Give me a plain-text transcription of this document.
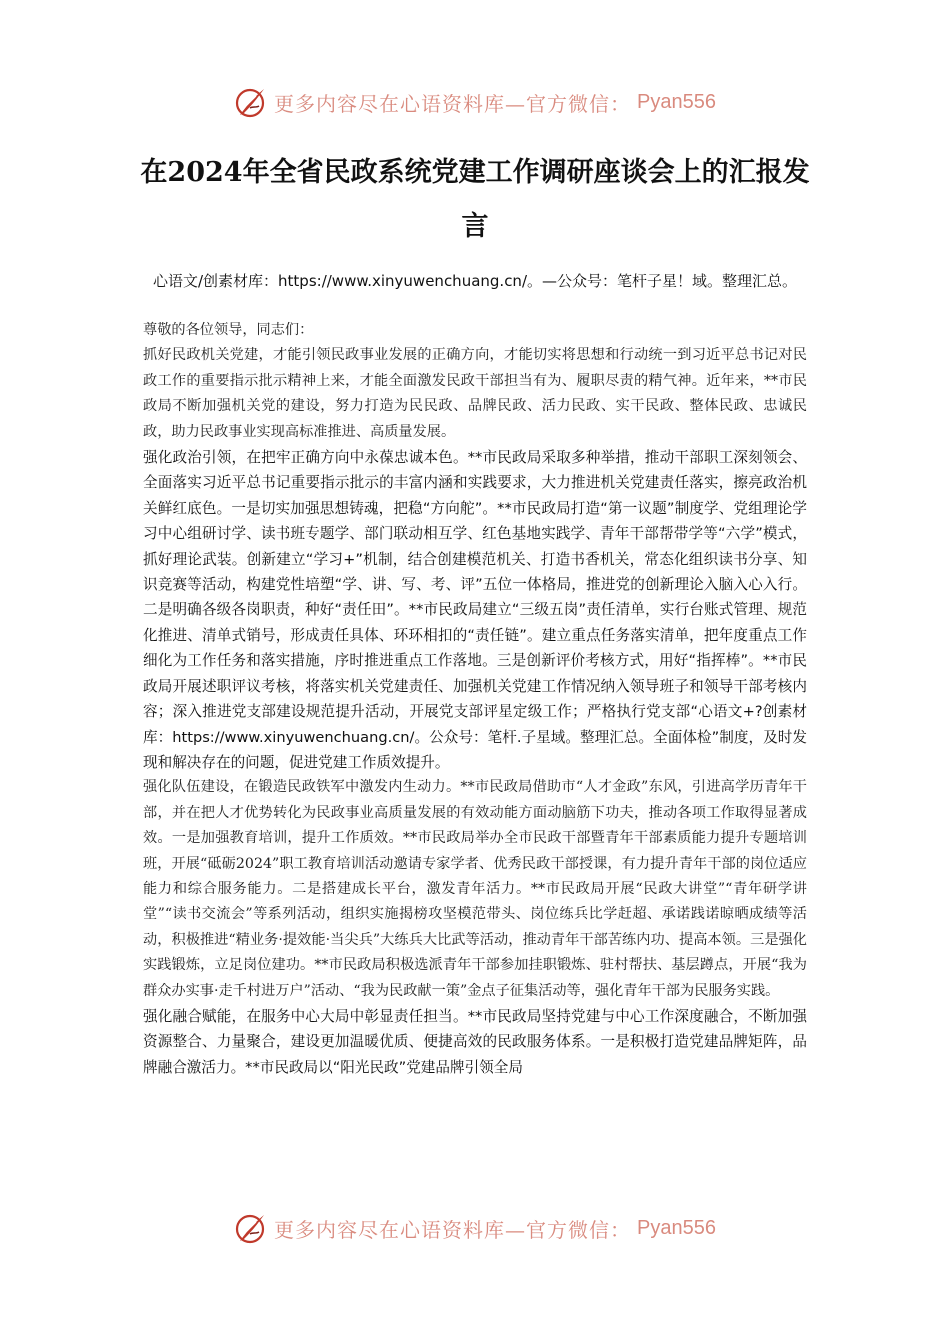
更多内容尽在心语资料库—官方微信： Pyan556
在2024年全省民政系统党建工作调研座谈会上的汇报发言

心语文/创素材库：https://www.xinyuwenchuang.cn/。—公众号：笔杆子星！域。整理汇总。

尊敬的各位领导，同志们：

抓好民政机关党建，才能引领民政事业发展的正确方向，才能切实将思想和行动统一到习近平总书记对民政工作的重要指示批示精神上来，才能全面激发民政干部担当有为、履职尽责的精气神。近年来，**市民政局不断加强机关党的建设，努力打造为民民政、品牌民政、活力民政、实干民政、整体民政、忠诚民政，助力民政事业实现高标准推进、高质量发展。

强化政治引领，在把牢正确方向中永葆忠诚本色。**市民政局采取多种举措，推动干部职工深刻领会、全面落实习近平总书记重要指示批示的丰富内涵和实践要求，大力推进机关党建责任落实，擦亮政治机关鲜红底色。一是切实加强思想铸魂，把稳“方向舵”。**市民政局打造“第一议题”制度学、党组理论学习中心组研讨学、读书班专题学、部门联动相互学、红色基地实践学、青年干部帮带学等“六学”模式，抓好理论武装。创新建立“学习+”机制，结合创建模范机关、打造书香机关，常态化组织读书分享、知识竞赛等活动，构建党性培塑“学、讲、写、考、评”五位一体格局，推进党的创新理论入脑入心入行。二是明确各级各岗职责，种好“责任田”。**市民政局建立“三级五岗”责任清单，实行台账式管理、规范化推进、清单式销号，形成责任具体、环环相扣的“责任链”。建立重点任务落实清单，把年度重点工作细化为工作任务和落实措施，序时推进重点工作落地。三是创新评价考核方式，用好“指挥棒”。**市民政局开展述职评议考核，将落实机关党建责任、加强机关党建工作情况纳入领导班子和领导干部考核内容；深入推进党支部建设规范提升活动，开展党支部评星定级工作；严格执行党支部“心语文+?创素材库：https://www.xinyuwenchuang.cn/。公众号：笔杆.子星域。整理汇总。全面体检”制度，及时发现和解决存在的问题，促进党建工作质效提升。

强化队伍建设，在锻造民政铁军中激发内生动力。**市民政局借助市“人才金政”东风，引进高学历青年干部，并在把人才优势转化为民政事业高质量发展的有效动能方面动脑筋下功夫，推动各项工作取得显著成效。一是加强教育培训，提升工作质效。**市民政局举办全市民政干部暨青年干部素质能力提升专题培训班，开展“砥砺2024”职工教育培训活动邀请专家学者、优秀民政干部授课，有力提升青年干部的岗位适应能力和综合服务能力。二是搭建成长平台，激发青年活力。**市民政局开展“民政大讲堂”“青年研学讲堂”“读书交流会”等系列活动，组织实施揭榜攻坚模范带头、岗位练兵比学赶超、承诺践诺晾晒成绩等活动，积极推进“精业务·提效能·当尖兵”大练兵大比武等活动，推动青年干部苦练内功、提高本领。三是强化实践锻炼，立足岗位建功。**市民政局积极选派青年干部参加挂职锻炼、驻村帮扶、基层蹲点，开展“我为群众办实事·走千村进万户”活动、“我为民政献一策”金点子征集活动等，强化青年干部为民服务实践。

强化融合赋能，在服务中心大局中彰显责任担当。**市民政局坚持党建与中心工作深度融合，不断加强资源整合、力量聚合，建设更加温暖优质、便捷高效的民政服务体系。一是积极打造党建品牌矩阵，品牌融合激活力。**市民政局以“阳光民政”党建品牌引领全局

更多内容尽在心语资料库—官方微信： Pyan556
